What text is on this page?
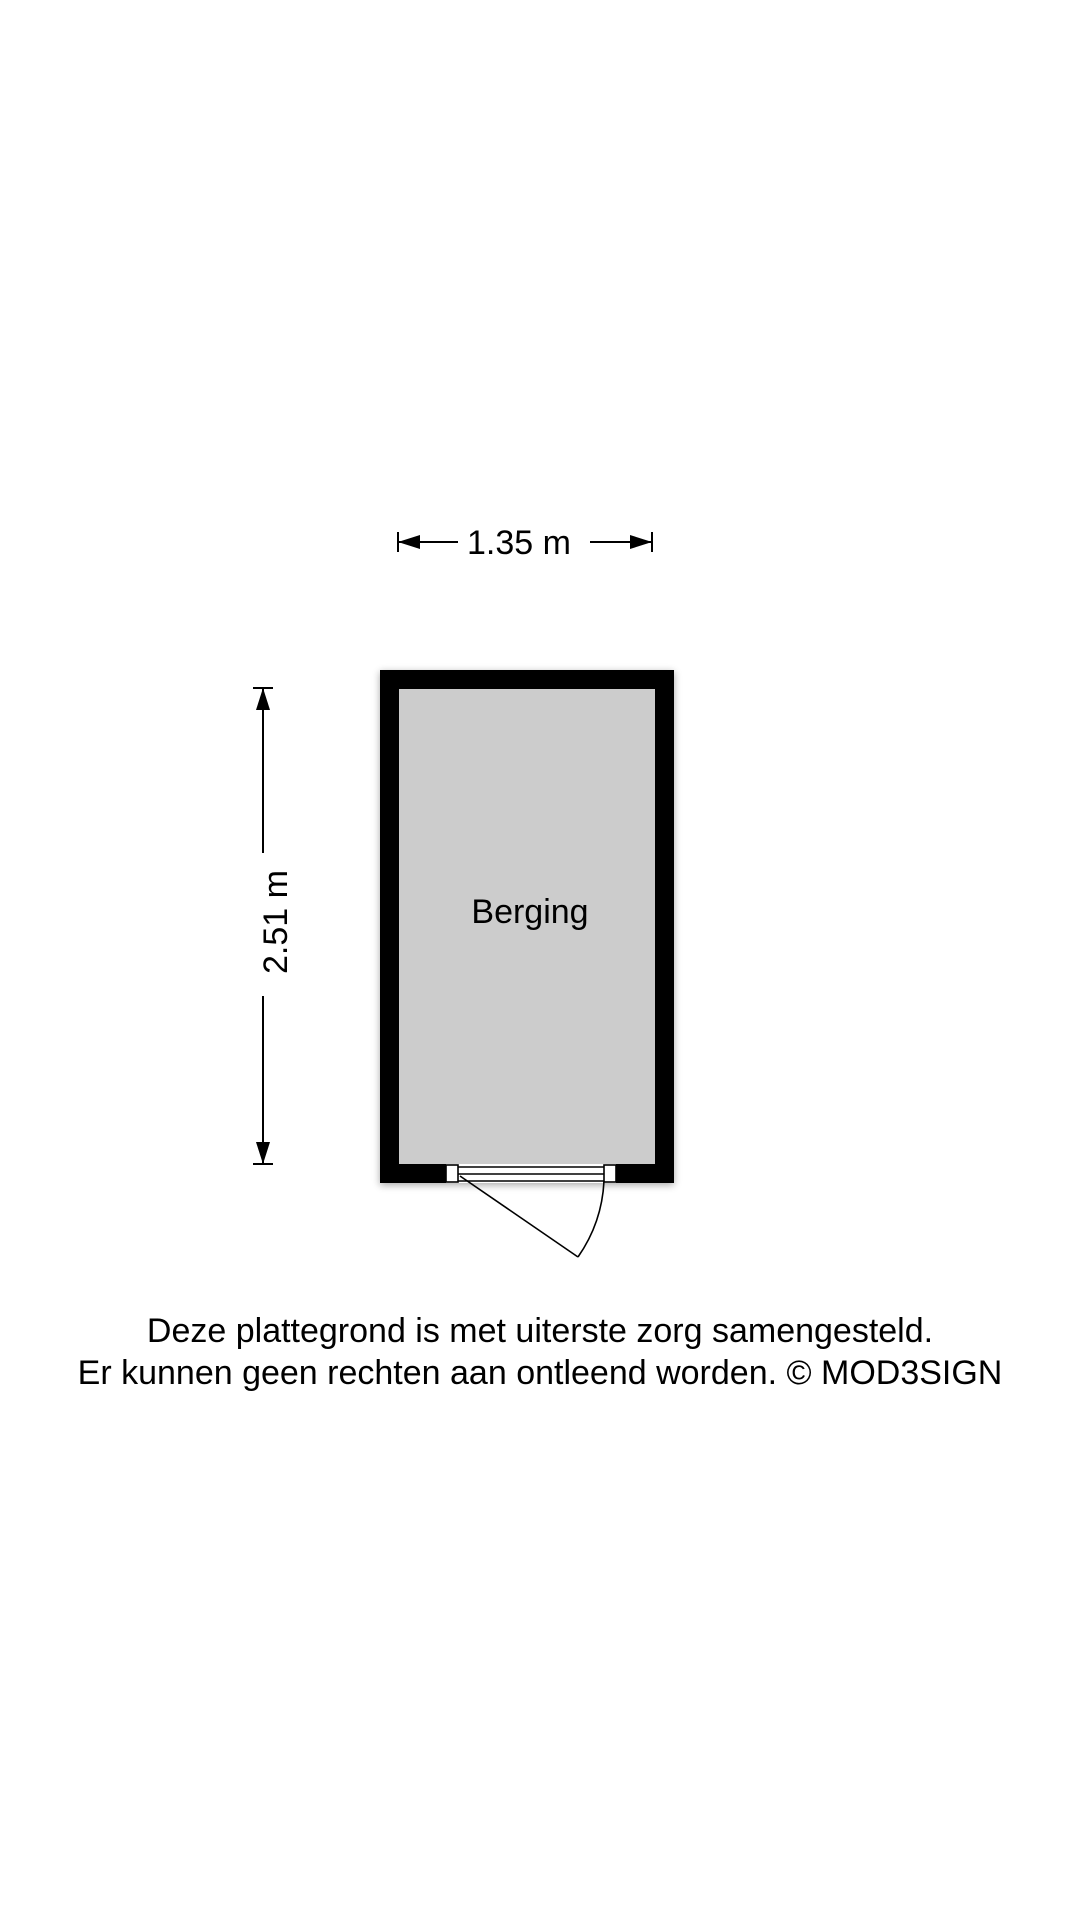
1.35 m
2.51 m	Berging
Deze plattegrond is met uiterste zorg samengesteld.
Er kunnen geen rechten aan ontleend worden. © MOD3SIGN
